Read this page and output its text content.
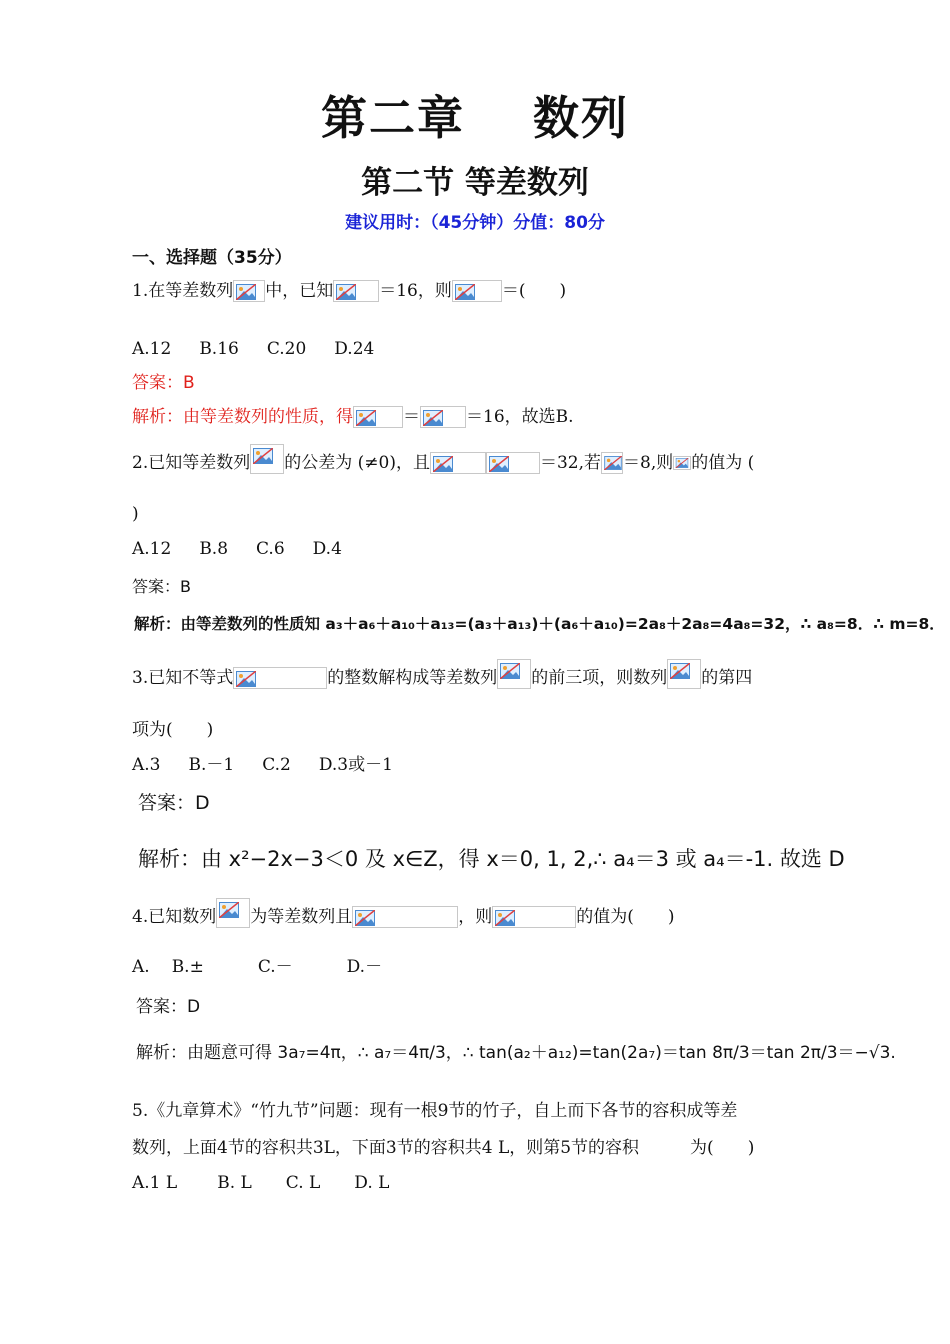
第二章 数列
第二节 等差数列
建议用时：（45分钟）分值：80分
一、选择题（35分）
1.在等差数列 中，已知	＝16，则	＝(　　)
A.12 B.16 C.20 D.24
答案：B
解析：由等差数列的性质，得	＝	＝16，故选B.
2.已知等差数列 的公差为 (≠0)，且	＝32,若 ＝8,则 的值为 (
)
A.12 B.8 C.6 D.4
答案：B
解析：由等差数列的性质知 a₃＋a₆＋a₁₀＋a₁₃=(a₃＋a₁₃)＋(a₆＋a₁₀)=2a₈＋2a₈=4a₈=32，∴ a₈=8．∴ m=8．
3.已知不等式	的整数解构成等差数列 的前三项，则数列 的第四
项为(　　)
A.3 B.－1 C.2 D.3或－1
答案：D
解析：由 x²−2x−3＜0 及 x∈Z，得 x＝0, 1, 2,∴ a₄＝3 或 a₄＝-1. 故选 D
4.已知数列 为等差数列且	，则	的值为(　　)
A. B.±	C.－	D.－
答案：D
解析：由题意可得 3a₇=4π，∴ a₇＝4π/3，∴ tan(a₂＋a₁₂)=tan(2a₇)＝tan 8π/3＝tan 2π/3＝−√3.
5.《九章算术》“竹九节”问题：现有一根9节的竹子，自上而下各节的容积成等差
数列，上面4节的容积共3L，下面3节的容积共4 L，则第5节的容积　　　为(　　)
A.1 L B. L C. L D. L
